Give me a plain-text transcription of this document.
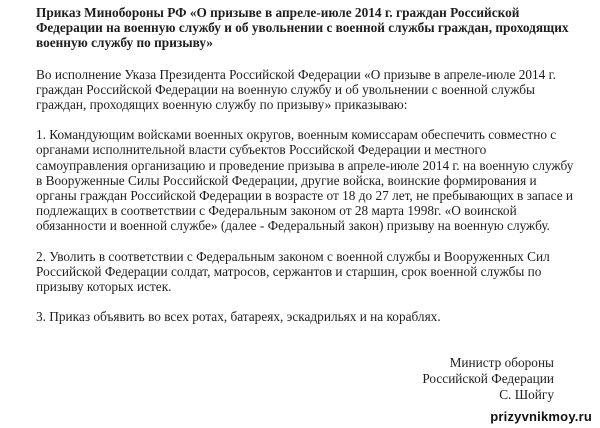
Приказ Минобороны РФ «О призыве в апреле-июле 2014 г. граждан Российской Федерации на военную службу и об увольнении с военной службы граждан, проходящих военную службу по призыву»

Во исполнение Указа Президента Российской Федерации «О призыве в апреле-июле 2014 г. граждан Российской Федерации на военную службу и об увольнении с военной службы граждан, проходящих военную службу по призыву» приказываю:

1. Командующим войсками военных округов, военным комиссарам обеспечить совместно с органами исполнительной власти субъектов Российской Федерации и местного самоуправления организацию и проведение призыва в апреле-июле 2014 г. на военную службу в Вооруженные Силы Российской Федерации, другие войска, воинские формирования и органы граждан Российской Федерации в возрасте от 18 до 27 лет, не пребывающих в запасе и подлежащих в соответствии с Федеральным законом от 28 марта 1998г. «О воинской обязанности и военной службе» (далее - Федеральный закон) призыву на военную службу.

2. Уволить в соответствии с Федеральным законом с военной службы и Вооруженных Сил Российской Федерации солдат, матросов, сержантов и старшин, срок военной службы по призыву которых истек.

3. Приказ объявить во всех ротах, батареях, эскадрильях и на кораблях.

Министр обороны
Российской Федерации
С. Шойгу
prizyvnikmoy.ru
